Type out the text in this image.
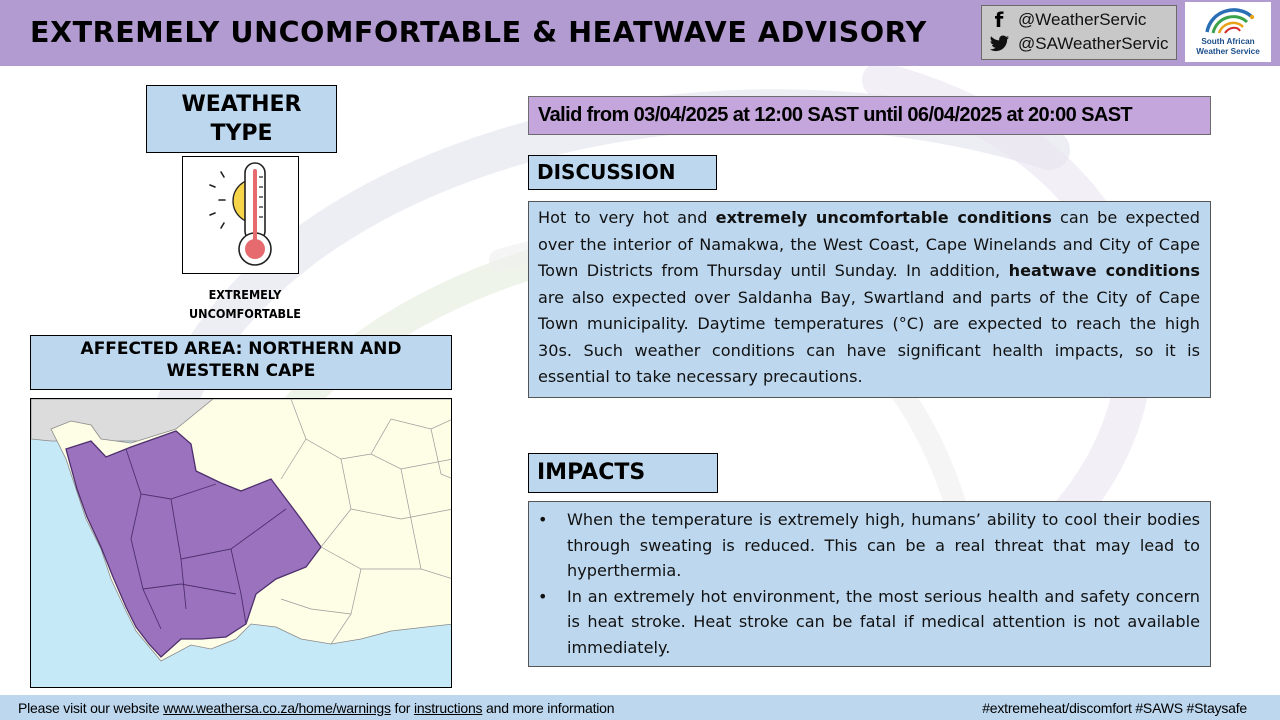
EXTREMELY UNCOMFORTABLE & HEATWAVE ADVISORY	f @WeatherServic
@SAWeatherServic	South African
Weather Service
WEATHER
TYPE
EXTREMELY
UNCOMFORTABLE
AFFECTED AREA: NORTHERN AND
WESTERN CAPE
Valid from 03/04/2025 at 12:00 SAST until 06/04/2025 at 20:00 SAST
DISCUSSION
Hot to very hot and extremely uncomfortable conditions can be expected over the interior of Namakwa, the West Coast, Cape Winelands and City of Cape Town Districts from Thursday until Sunday. In addition, heatwave conditions are also expected over Saldanha Bay, Swartland and parts of the City of Cape Town municipality. Daytime temperatures (°C) are expected to reach the high 30s. Such weather conditions can have significant health impacts, so it is essential to take necessary precautions.
IMPACTS
• When the temperature is extremely high, humans’ ability to cool their bodies through sweating is reduced. This can be a real threat that may lead to hyperthermia.
• In an extremely hot environment, the most serious health and safety concern is heat stroke. Heat stroke can be fatal if medical attention is not available immediately.
Please visit our website www.weathersa.co.za/home/warnings for instructions and more information	#extremeheat/discomfort #SAWS #Staysafe
